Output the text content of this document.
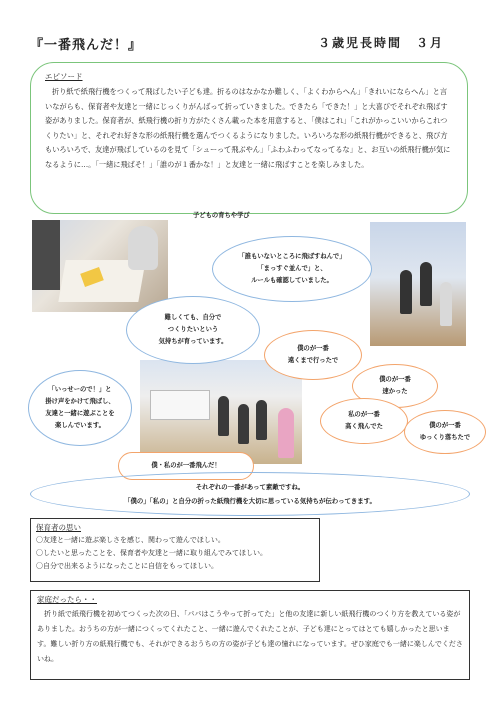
『一番飛んだ！』	３歳児長時間　３月
エピソード
折り紙で紙飛行機をつくって飛ばしたい子ども達。折るのはなかなか難しく、「よくわからへん」「きれいにならへん」と言いながらも、保育者や友達と一緒にじっくりがんばって折っていきました。できたら「できた！」と大喜びでそれぞれ飛ばす姿がありました。保育者が、紙飛行機の折り方がたくさん載った本を用意すると、「僕はこれ」「これがかっこいいからこれつくりたい」と、それぞれ好きな形の紙飛行機を選んでつくるようになりました。いろいろな形の紙飛行機ができると、飛び方もいろいろで、友達が飛ばしているのを見て「シューって飛ぶやん」「ふわふわってなってるな」と、お互いの紙飛行機が気になるように…。「一緒に飛ばそ！」「誰のが１番かな！」と友達と一緒に飛ばすことを楽しみました。
子どもの育ちや学び
「誰もいないところに飛ばすねんで」
「まっすぐ並んで」と、
ルールも確認していました。
難しくても、自分で
つくりたいという
気持ちが育っています。
僕のが一番
遠くまで行ったで
僕のが一番
速かった
「いっせーので！」と
掛け声をかけて飛ばし、
友達と一緒に遊ぶことを
楽しんでいます。
私のが一番
高く飛んでた	僕のが一番
ゆっくり落ちたで
僕・私のが一番飛んだ！
それぞれの一番があって素敵ですね。
「僕の」「私の」と自分の折った紙飛行機を大切に思っている気持ちが伝わってきます。
保育者の思い
〇友達と一緒に遊ぶ楽しさを感じ、関わって遊んでほしい。
〇したいと思ったことを、保育者や友達と一緒に取り組んでみてほしい。
〇自分で出来るようになったことに自信をもってほしい。
家庭だったら・・
折り紙で紙飛行機を初めてつくった次の日、「パパはこうやって折ってた」と他の友達に新しい紙飛行機のつくり方を教えている姿がありました。おうちの方が一緒につくってくれたこと、一緒に遊んでくれたことが、子ども達にとってはとても嬉しかったと思います。難しい折り方の紙飛行機でも、それができるおうちの方の姿が子ども達の憧れになっています。ぜひ家庭でも一緒に楽しんでくださいね。
